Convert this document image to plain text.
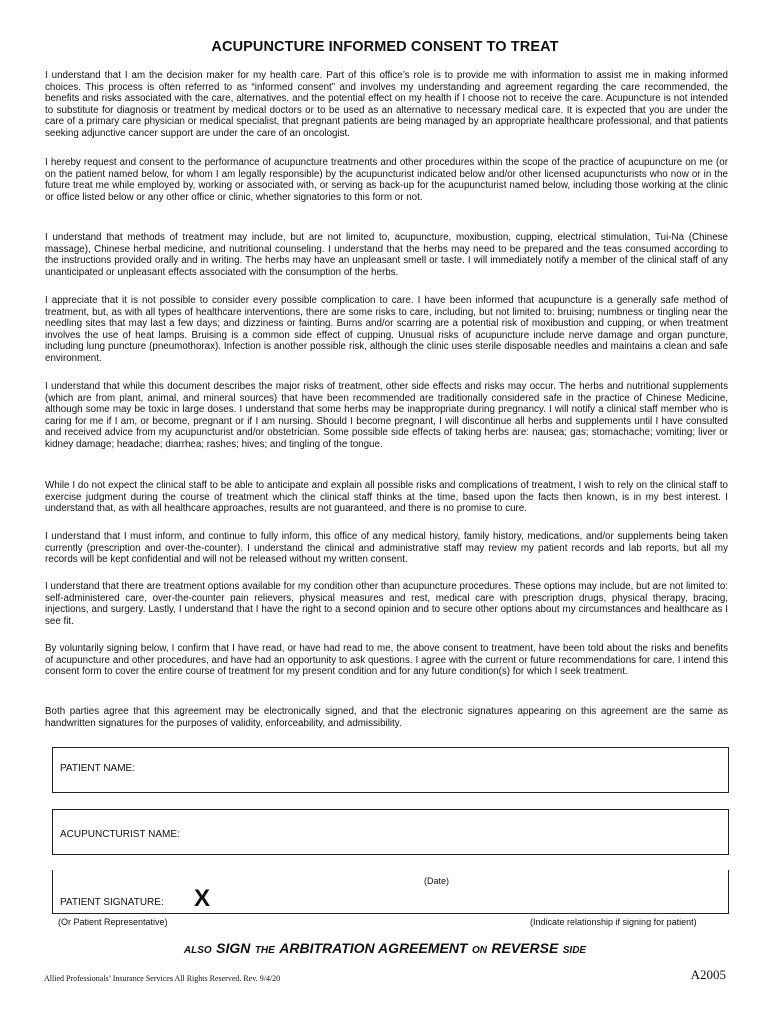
ACUPUNCTURE INFORMED CONSENT TO TREAT

I understand that I am the decision maker for my health care. Part of this office’s role is to provide me with information to assist me in making informed choices. This process is often referred to as “informed consent” and involves my understanding and agreement regarding the care recommended, the benefits and risks associated with the care, alternatives, and the potential effect on my health if I choose not to receive the care. Acupuncture is not intended to substitute for diagnosis or treatment by medical doctors or to be used as an alternative to necessary medical care. It is expected that you are under the care of a primary care physician or medical specialist, that pregnant patients are being managed by an appropriate healthcare professional, and that patients seeking adjunctive cancer support are under the care of an oncologist.

I hereby request and consent to the performance of acupuncture treatments and other procedures within the scope of the practice of acupuncture on me (or on the patient named below, for whom I am legally responsible) by the acupuncturist indicated below and/or other licensed acupuncturists who now or in the future treat me while employed by, working or associated with, or serving as back-up for the acupuncturist named below, including those working at the clinic or office listed below or any other office or clinic, whether signatories to this form or not.

I understand that methods of treatment may include, but are not limited to, acupuncture, moxibustion, cupping, electrical stimulation, Tui-Na (Chinese massage), Chinese herbal medicine, and nutritional counseling. I understand that the herbs may need to be prepared and the teas consumed according to the instructions provided orally and in writing. The herbs may have an unpleasant smell or taste. I will immediately notify a member of the clinical staff of any unanticipated or unpleasant effects associated with the consumption of the herbs.

I appreciate that it is not possible to consider every possible complication to care. I have been informed that acupuncture is a generally safe method of treatment, but, as with all types of healthcare interventions, there are some risks to care, including, but not limited to: bruising; numbness or tingling near the needling sites that may last a few days; and dizziness or fainting. Burns and/or scarring are a potential risk of moxibustion and cupping, or when treatment involves the use of heat lamps. Bruising is a common side effect of cupping. Unusual risks of acupuncture include nerve damage and organ puncture, including lung puncture (pneumothorax). Infection is another possible risk, although the clinic uses sterile disposable needles and maintains a clean and safe environment.

I understand that while this document describes the major risks of treatment, other side effects and risks may occur. The herbs and nutritional supplements (which are from plant, animal, and mineral sources) that have been recommended are traditionally considered safe in the practice of Chinese Medicine, although some may be toxic in large doses. I understand that some herbs may be inappropriate during pregnancy. I will notify a clinical staff member who is caring for me if I am, or become, pregnant or if I am nursing. Should I become pregnant, I will discontinue all herbs and supplements until I have consulted and received advice from my acupuncturist and/or obstetrician. Some possible side effects of taking herbs are: nausea; gas; stomachache; vomiting; liver or kidney damage; headache; diarrhea; rashes; hives; and tingling of the tongue.

While I do not expect the clinical staff to be able to anticipate and explain all possible risks and complications of treatment, I wish to rely on the clinical staff to exercise judgment during the course of treatment which the clinical staff thinks at the time, based upon the facts then known, is in my best interest. I understand that, as with all healthcare approaches, results are not guaranteed, and there is no promise to cure.

I understand that I must inform, and continue to fully inform, this office of any medical history, family history, medications, and/or supplements being taken currently (prescription and over-the-counter). I understand the clinical and administrative staff may review my patient records and lab reports, but all my records will be kept confidential and will not be released without my written consent.

I understand that there are treatment options available for my condition other than acupuncture procedures. These options may include, but are not limited to: self-administered care, over-the-counter pain relievers, physical measures and rest, medical care with prescription drugs, physical therapy, bracing, injections, and surgery. Lastly, I understand that I have the right to a second opinion and to secure other options about my circumstances and healthcare as I see fit.

By voluntarily signing below, I confirm that I have read, or have had read to me, the above consent to treatment, have been told about the risks and benefits of acupuncture and other procedures, and have had an opportunity to ask questions. I agree with the current or future recommendations for care. I intend this consent form to cover the entire course of treatment for my present condition and for any future condition(s) for which I seek treatment.

Both parties agree that this agreement may be electronically signed, and that the electronic signatures appearing on this agreement are the same as handwritten signatures for the purposes of validity, enforceability, and admissibility.

PATIENT NAME:
ACUPUNCTURIST NAME:
(Date)
PATIENT SIGNATURE: X
(Or Patient Representative)	(Indicate relationship if signing for patient)
ALSO SIGN THE ARBITRATION AGREEMENT ON REVERSE SIDE
Allied Professionals’ Insurance Services All Rights Reserved. Rev. 9/4/20	A2005
